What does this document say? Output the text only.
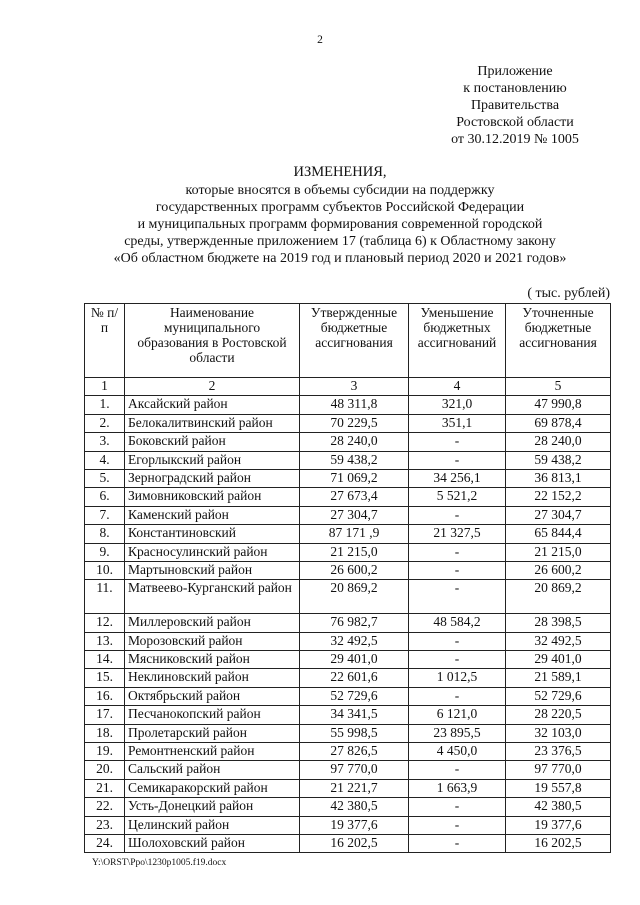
2
Приложение
к постановлению
Правительства
Ростовской области
от 30.12.2019 № 1005
ИЗМЕНЕНИЯ,
которые вносятся в объемы субсидии на поддержку
государственных программ субъектов Российской Федерации
и муниципальных программ формирования современной городской
среды, утвержденные приложением 17 (таблица 6) к Областному закону
«Об областном бюджете на 2019 год и плановый период 2020 и 2021 годов»
( тыс. рублей)
№ п/п	Наименование муниципального образования в Ростовской области	Утвержденные бюджетные ассигнования	Уменьшение бюджетных ассигнований	Уточненные бюджетные ассигнования
1	2	3	4	5
1.	Аксайский район	48 311,8	321,0	47 990,8
2.	Белокалитвинский район	70 229,5	351,1	69 878,4
3.	Боковский район	28 240,0	-	28 240,0
4.	Егорлыкский район	59 438,2	-	59 438,2
5.	Зерноградский район	71 069,2	34 256,1	36 813,1
6.	Зимовниковский район	27 673,4	5 521,2	22 152,2
7.	Каменский район	27 304,7	-	27 304,7
8.	Константиновский	87 171 ,9	21 327,5	65 844,4
9.	Красносулинский район	21 215,0	-	21 215,0
10.	Мартыновский район	26 600,2	-	26 600,2
11.	Матвеево-Курганский район	20 869,2	-	20 869,2
12.	Миллеровский район	76 982,7	48 584,2	28 398,5
13.	Морозовский район	32 492,5	-	32 492,5
14.	Мясниковский район	29 401,0	-	29 401,0
15.	Неклиновский район	22 601,6	1 012,5	21 589,1
16.	Октябрьский район	52 729,6	-	52 729,6
17.	Песчанокопский район	34 341,5	6 121,0	28 220,5
18.	Пролетарский район	55 998,5	23 895,5	32 103,0
19.	Ремонтненский район	27 826,5	4 450,0	23 376,5
20.	Сальский район	97 770,0	-	97 770,0
21.	Семикаракорский район	21 221,7	1 663,9	19 557,8
22.	Усть-Донецкий район	42 380,5	-	42 380,5
23.	Целинский район	19 377,6	-	19 377,6
24.	Шолоховский район	16 202,5	-	16 202,5
Y:\ORST\Ppo\1230p1005.f19.docx
